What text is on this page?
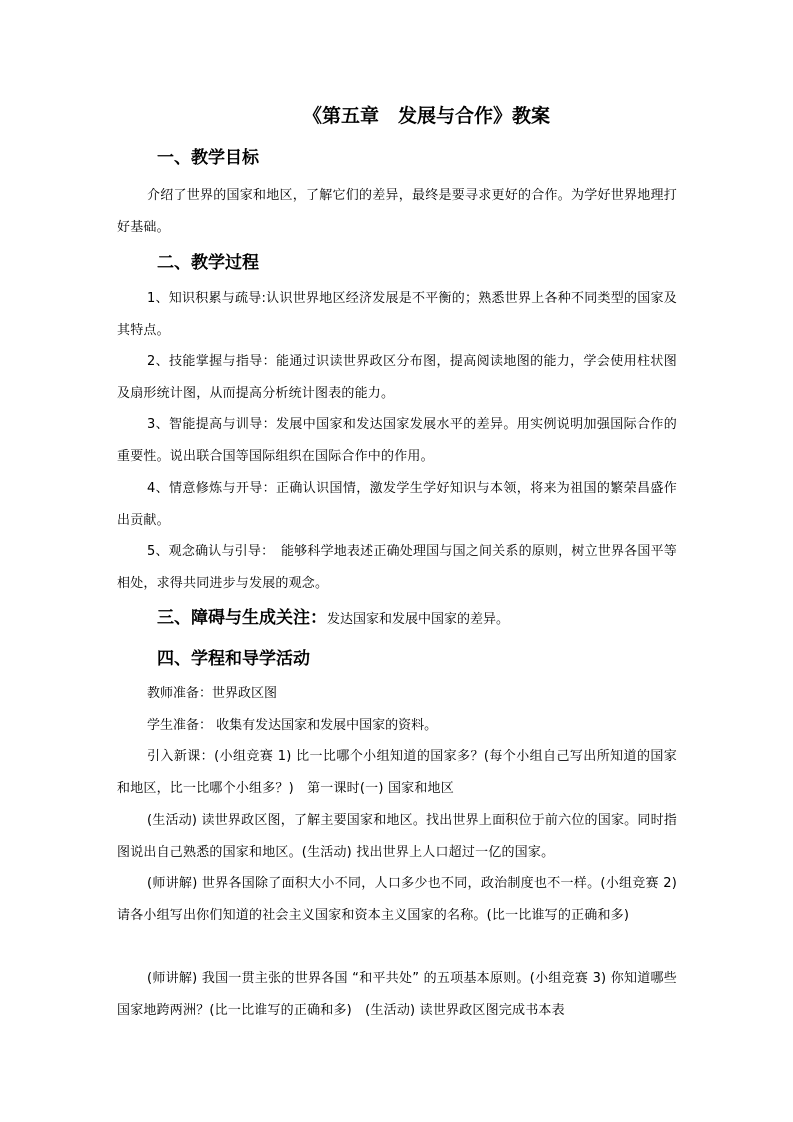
《第五章　发展与合作》教案
一、教学目标
介绍了世界的国家和地区，了解它们的差异，最终是要寻求更好的合作。为学好世界地理打好基础。
二、教学过程
1、知识积累与疏导:认识世界地区经济发展是不平衡的；熟悉世界上各种不同类型的国家及其特点。
2、技能掌握与指导：能通过识读世界政区分布图，提高阅读地图的能力，学会使用柱状图及扇形统计图，从而提高分析统计图表的能力。
3、智能提高与训导：发展中国家和发达国家发展水平的差异。用实例说明加强国际合作的重要性。说出联合国等国际组织在国际合作中的作用。
4、情意修炼与开导：正确认识国情，激发学生学好知识与本领，将来为祖国的繁荣昌盛作出贡献。
5、观念确认与引导：　能够科学地表述正确处理国与国之间关系的原则，树立世界各国平等相处，求得共同进步与发展的观念。
三、障碍与生成关注：发达国家和发展中国家的差异。
四、学程和导学活动
教师准备：世界政区图
学生准备： 收集有发达国家和发展中国家的资料。
引入新课：(小组竞赛 1) 比一比哪个小组知道的国家多？(每个小组自己写出所知道的国家和地区，比一比哪个小组多？)　第一课时(一) 国家和地区
(生活动) 读世界政区图，了解主要国家和地区。找出世界上面积位于前六位的国家。同时指图说出自己熟悉的国家和地区。(生活动) 找出世界上人口超过一亿的国家。
(师讲解) 世界各国除了面积大小不同，人口多少也不同，政治制度也不一样。(小组竞赛 2) 请各小组写出你们知道的社会主义国家和资本主义国家的名称。(比一比谁写的正确和多)
(师讲解) 我国一贯主张的世界各国 “和平共处” 的五项基本原则。(小组竞赛 3) 你知道哪些国家地跨两洲？(比一比谁写的正确和多)　(生活动) 读世界政区图完成书本表
